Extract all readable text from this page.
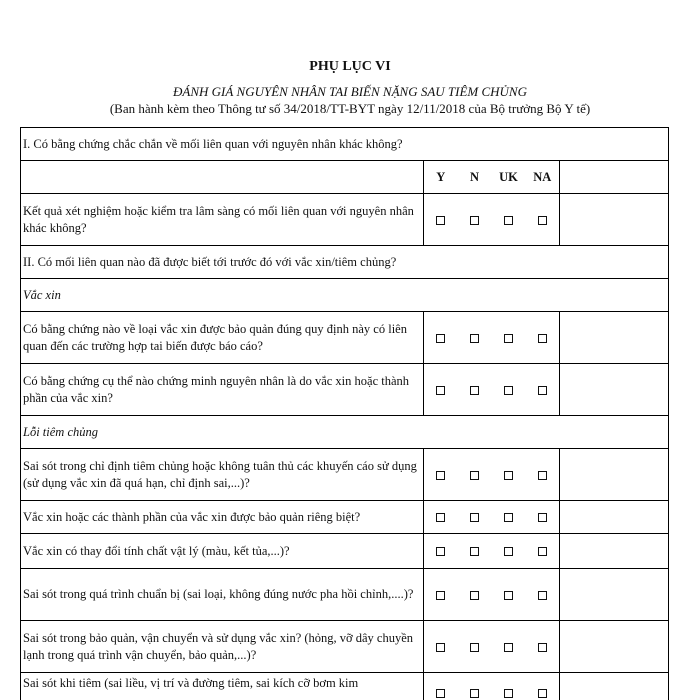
PHỤ LỤC VI
ĐÁNH GIÁ NGUYÊN NHÂN TAI BIẾN NẶNG SAU TIÊM CHỦNG
(Ban hành kèm theo Thông tư số 34/2018/TT-BYT ngày 12/11/2018 của Bộ trưởng Bộ Y tế)
I. Có bằng chứng chắc chắn về mối liên quan với nguyên nhân khác không?					
	Y	N	UK	NA	
Kết quả xét nghiệm hoặc kiểm tra lâm sàng có mối liên quan với nguyên nhân khác không?					
II. Có mối liên quan nào đã được biết tới trước đó với vắc xin/tiêm chủng?					
Vắc xin					
Có bằng chứng nào về loại vắc xin được bảo quản đúng quy định này có liên quan đến các trường hợp tai biến được báo cáo?					
Có bằng chứng cụ thể nào chứng minh nguyên nhân là do vắc xin hoặc thành phần của vắc xin?					
Lỗi tiêm chủng					
Sai sót trong chỉ định tiêm chủng hoặc không tuân thủ các khuyến cáo sử dụng (sử dụng vắc xin đã quá hạn, chỉ định sai,...)?					
Vắc xin hoặc các thành phần của vắc xin được bảo quản riêng biệt?					
Vắc xin có thay đổi tính chất vật lý (màu, kết tủa,...)?					
Sai sót trong quá trình chuẩn bị (sai loại, không đúng nước pha hồi chỉnh,....)?					
Sai sót trong bảo quản, vận chuyển và sử dụng vắc xin? (hỏng, vỡ dây chuyền lạnh trong quá trình vận chuyển, bảo quản,...)?					
Sai sót khi tiêm (sai liều, vị trí và đường tiêm, sai kích cỡ bơm kim					
